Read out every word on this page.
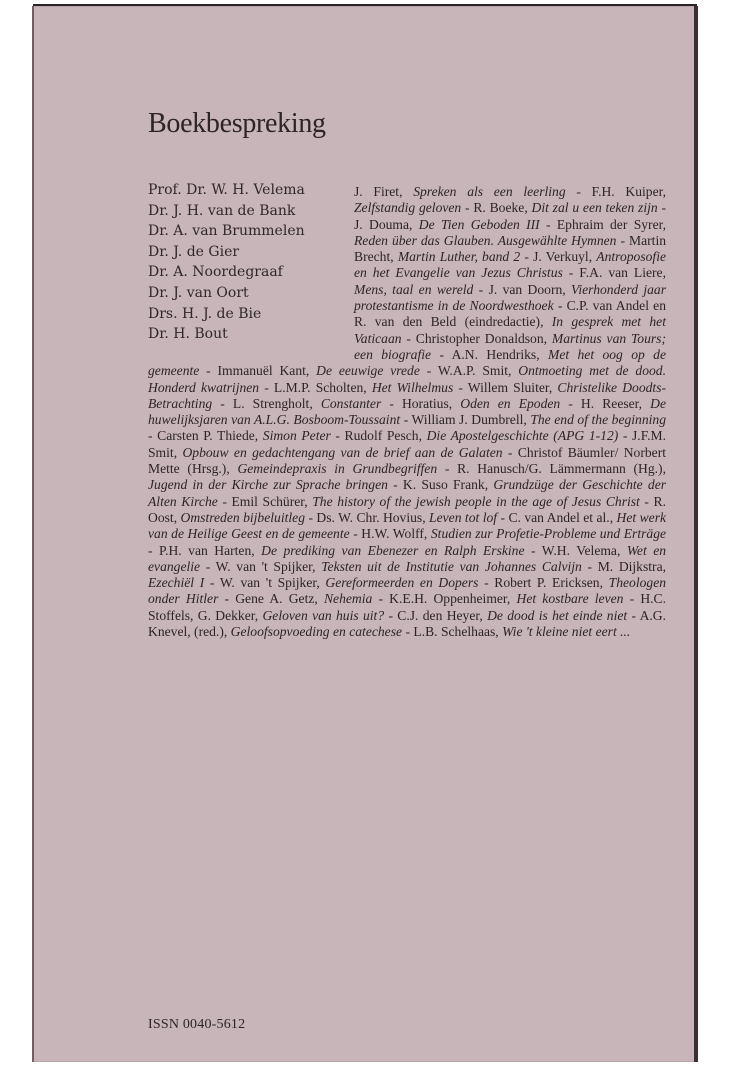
Boekbespreking
Prof. Dr. W. H. Velema
Dr. J. H. van de Bank
Dr. A. van Brummelen
Dr. J. de Gier
Dr. A. Noordegraaf
Dr. J. van Oort
Drs. H. J. de Bie
Dr. H. Bout

J. Firet, Spreken als een leerling - F.H. Kuiper, Zelfstandig geloven - R. Boeke, Dit zal u een teken zijn - J. Douma, De Tien Geboden III - Ephraim der Syrer, Reden über das Glauben. Ausgewählte Hymnen - Martin Brecht, Martin Luther, band 2 - J. Verkuyl, Antroposofie en het Evangelie van Jezus Christus - F.A. van Liere, Mens, taal en wereld - J. van Doorn, Vierhonderd jaar protestantisme in de Noordwesthoek - C.P. van Andel en R. van den Beld (eindredactie), In gesprek met het Vaticaan - Christopher Donaldson, Martinus van Tours; een biografie - A.N. Hendriks, Met het oog op de gemeente - Immanuël Kant, De eeuwige vrede - W.A.P. Smit, Ontmoeting met de dood. Honderd kwatrijnen - L.M.P. Scholten, Het Wilhelmus - Willem Sluiter, Christelike Doodts-Betrachting - L. Strengholt, Constanter - Horatius, Oden en Epoden - H. Reeser, De huwelijksjaren van A.L.G. Bosboom-Toussaint - William J. Dumbrell, The end of the beginning - Carsten P. Thiede, Simon Peter - Rudolf Pesch, Die Apostelgeschichte (APG 1-12) - J.F.M. Smit, Opbouw en gedachtengang van de brief aan de Galaten - Christof Bäumler/ Norbert Mette (Hrsg.), Gemeindepraxis in Grundbegriffen - R. Hanusch/G. Lämmermann (Hg.), Jugend in der Kirche zur Sprache bringen - K. Suso Frank, Grundzüge der Geschichte der Alten Kirche - Emil Schürer, The history of the jewish people in the age of Jesus Christ - R. Oost, Omstreden bijbeluitleg - Ds. W. Chr. Hovius, Leven tot lof - C. van Andel et al., Het werk van de Heilige Geest en de gemeente - H.W. Wolff, Studien zur Profetie-Probleme und Erträge - P.H. van Harten, De prediking van Ebenezer en Ralph Erskine - W.H. Velema, Wet en evangelie - W. van 't Spijker, Teksten uit de Institutie van Johannes Calvijn - M. Dijkstra, Ezechiël I - W. van 't Spijker, Gereformeerden en Dopers - Robert P. Ericksen, Theologen onder Hitler - Gene A. Getz, Nehemia - K.E.H. Oppenheimer, Het kostbare leven - H.C. Stoffels, G. Dekker, Geloven van huis uit? - C.J. den Heyer, De dood is het einde niet - A.G. Knevel, (red.), Geloofsopvoeding en catechese - L.B. Schelhaas, Wie 't kleine niet eert ...

ISSN 0040-5612
